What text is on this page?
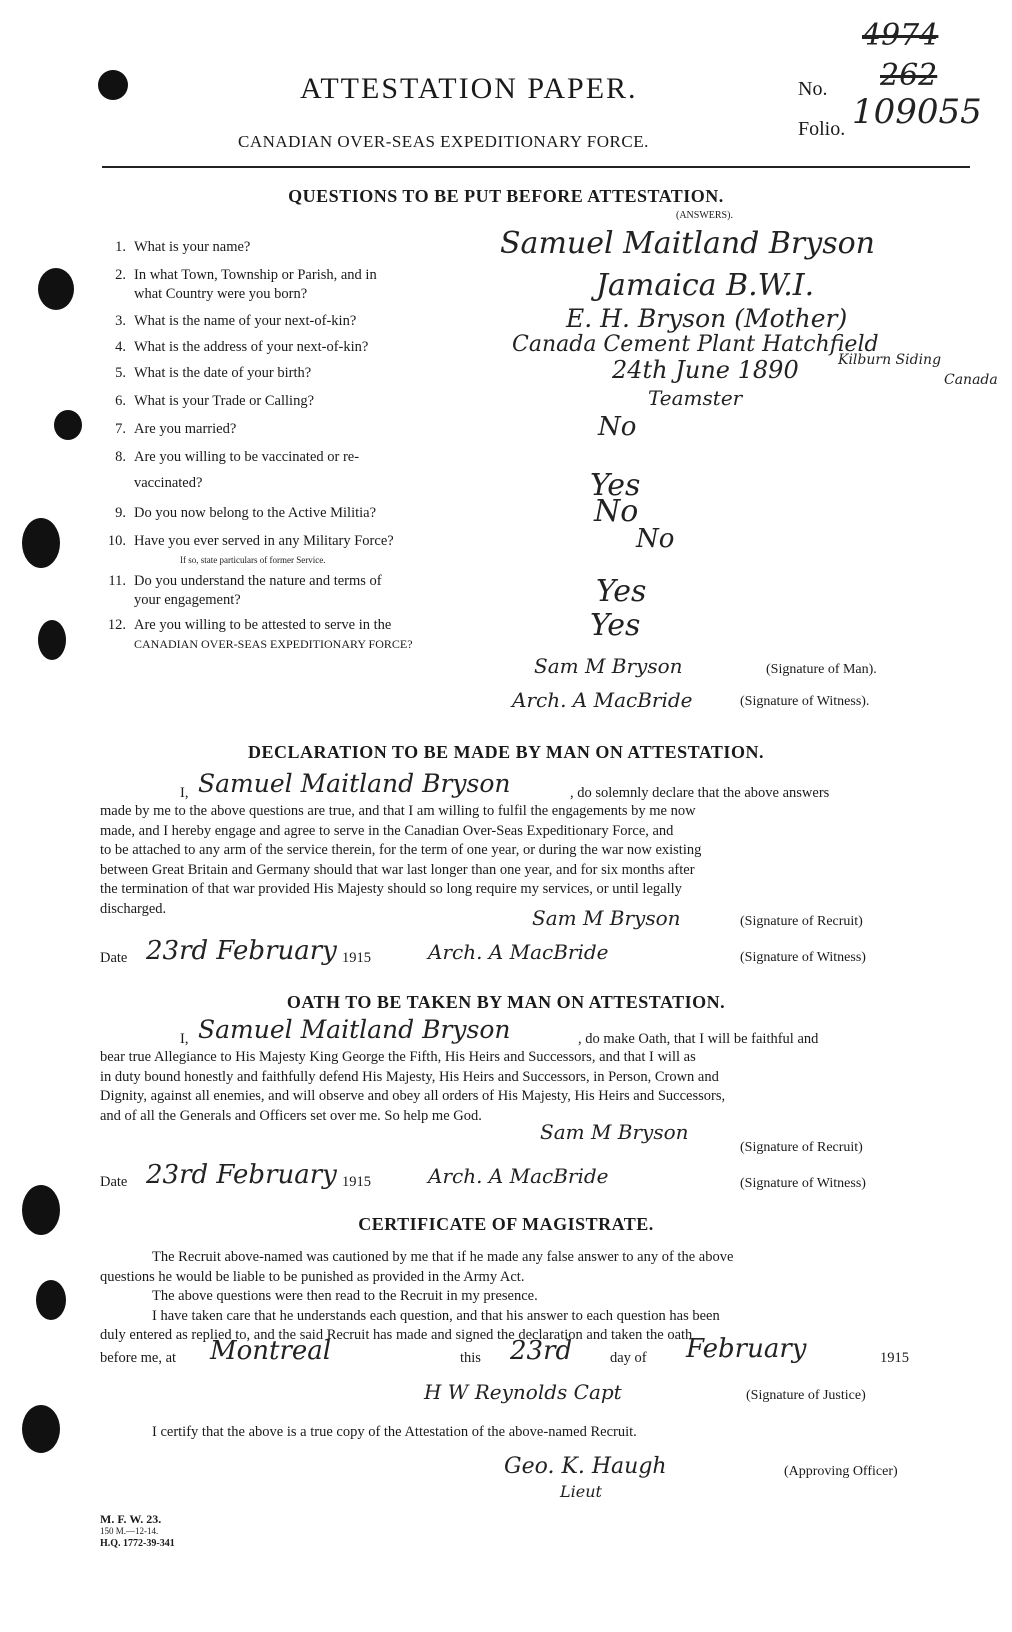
ATTESTATION PAPER.
CANADIAN OVER-SEAS EXPEDITIONARY FORCE.
No.
Folio.
4974
262
109055
QUESTIONS TO BE PUT BEFORE ATTESTATION.
(ANSWERS).
1. What is your name?	Samuel Maitland Bryson
2. In what Town, Township or Parish, and in
what Country were you born?	Jamaica B.W.I.
3. What is the name of your next-of-kin?	E. H. Bryson (Mother)
4. What is the address of your next-of-kin?	Canada Cement Plant Hatchfield
5. What is the date of your birth?	24th June 1890	Kilburn Siding
Canada
6. What is your Trade or Calling?	Teamster
7. Are you married?	No
8. Are you willing to be vaccinated or re-
vaccinated?	Yes
9. Do you now belong to the Active Militia?	No
10. Have you ever served in any Military Force?
If so, state particulars of former Service.
No
11. Do you understand the nature and terms of
your engagement?	Yes
12. Are you willing to be attested to serve in the
CANADIAN OVER-SEAS EXPEDITIONARY FORCE?
Yes
Sam M Bryson	(Signature of Man).
Arch. A MacBride	(Signature of Witness).
DECLARATION TO BE MADE BY MAN ON ATTESTATION.
I, Samuel Maitland Bryson	, do solemnly declare that the above answers
made by me to the above questions are true, and that I am willing to fulfil the engagements by me now
made, and I hereby engage and agree to serve in the Canadian Over-Seas Expeditionary Force, and
to be attached to any arm of the service therein, for the term of one year, or during the war now existing
between Great Britain and Germany should that war last longer than one year, and for six months after
the termination of that war provided His Majesty should so long require my services, or until legally
discharged.	Sam M Bryson	(Signature of Recruit)
Date 23rd February 1915	Arch. A MacBride	(Signature of Witness)
OATH TO BE TAKEN BY MAN ON ATTESTATION.
I, Samuel Maitland Bryson	, do make Oath, that I will be faithful and
bear true Allegiance to His Majesty King George the Fifth, His Heirs and Successors, and that I will as
in duty bound honestly and faithfully defend His Majesty, His Heirs and Successors, in Person, Crown and
Dignity, against all enemies, and will observe and obey all orders of His Majesty, His Heirs and Successors,
and of all the Generals and Officers set over me. So help me God.
Sam M Bryson
(Signature of Recruit)
Date 23rd February 1915	Arch. A MacBride	(Signature of Witness)
CERTIFICATE OF MAGISTRATE.
The Recruit above-named was cautioned by me that if he made any false answer to any of the above
questions he would be liable to be punished as provided in the Army Act.
The above questions were then read to the Recruit in my presence.
I have taken care that he understands each question, and that his answer to each question has been
duly entered as replied to, and the said Recruit has made and signed the declaration and taken the oath
before me, at Montreal	this 23rd	day of February	1915
H W Reynolds Capt	(Signature of Justice)
I certify that the above is a true copy of the Attestation of the above-named Recruit.
Geo. K. Haugh
Lieut
(Approving Officer)
M. F. W. 23.
150 M.—12-14.
H.Q. 1772-39-341
